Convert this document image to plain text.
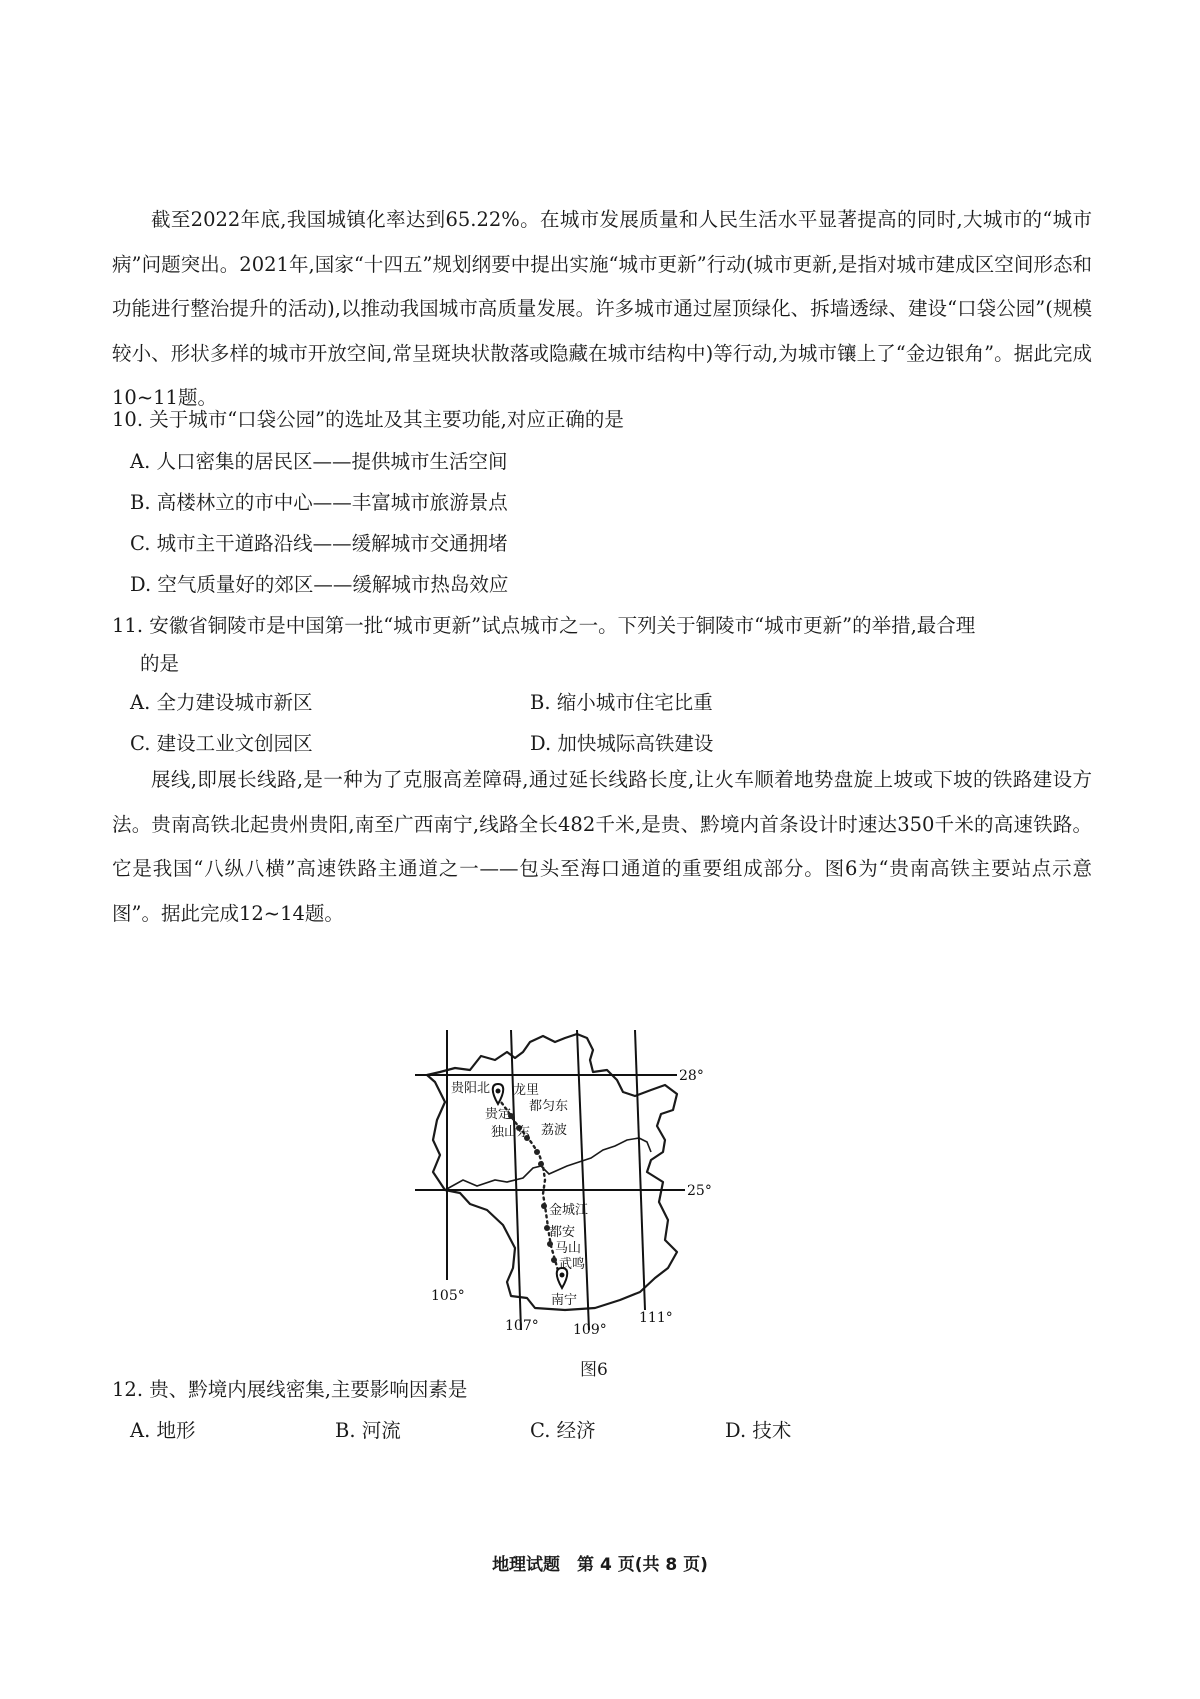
截至2022年底,我国城镇化率达到65.22%。在城市发展质量和人民生活水平显著提高的同时,大城市的“城市病”问题突出。2021年,国家“十四五”规划纲要中提出实施“城市更新”行动(城市更新,是指对城市建成区空间形态和功能进行整治提升的活动),以推动我国城市高质量发展。许多城市通过屋顶绿化、拆墙透绿、建设“口袋公园”(规模较小、形状多样的城市开放空间,常呈斑块状散落或隐藏在城市结构中)等行动,为城市镶上了“金边银角”。据此完成10~11题。

10. 关于城市“口袋公园”的选址及其主要功能,对应正确的是

A. 人口密集的居民区——提供城市生活空间
B. 高楼林立的市中心——丰富城市旅游景点
C. 城市主干道路沿线——缓解城市交通拥堵
D. 空气质量好的郊区——缓解城市热岛效应

11. 安徽省铜陵市是中国第一批“城市更新”试点城市之一。下列关于铜陵市“城市更新”的举措,最合理

的是
A. 全力建设城市新区	B. 缩小城市住宅比重
C. 建设工业文创园区	D. 加快城际高铁建设

展线,即展长线路,是一种为了克服高差障碍,通过延长线路长度,让火车顺着地势盘旋上坡或下坡的铁路建设方法。贵南高铁北起贵州贵阳,南至广西南宁,线路全长482千米,是贵、黔境内首条设计时速达350千米的高速铁路。它是我国“八纵八横”高速铁路主通道之一——包头至海口通道的重要组成部分。图6为“贵南高铁主要站点示意图”。据此完成12~14题。

贵阳北 龙里
贵定
都匀东
独山东 荔波
金城江
都安
马山
武鸣
南宁
28°
25°
105°
107° 109°
111°
图6

12. 贵、黔境内展线密集,主要影响因素是

A. 地形	B. 河流	C. 经济	D. 技术
地理试题　第 4 页(共 8 页)
